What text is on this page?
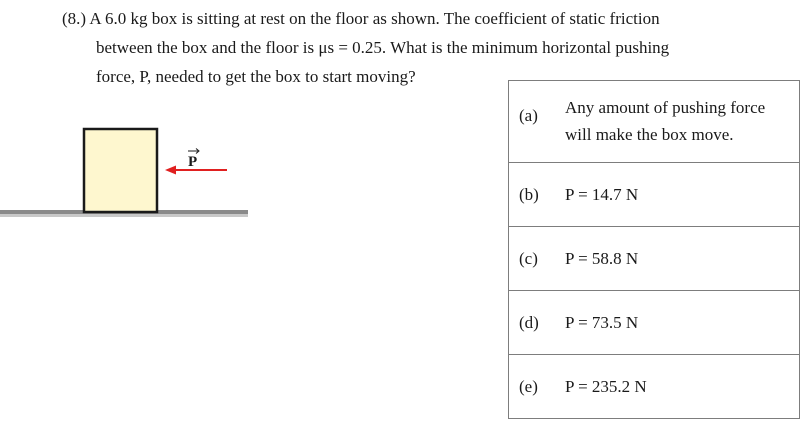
(8.) A 6.0 kg box is sitting at rest on the floor as shown. The coefficient of static friction
between the box and the floor is μs = 0.25. What is the minimum horizontal pushing
force, P, needed to get the box to start moving?
P
(a)	Any amount of pushing force will make the box move.
(b)	P = 14.7 N
(c)	P = 58.8 N
(d)	P = 73.5 N
(e)	P = 235.2 N
